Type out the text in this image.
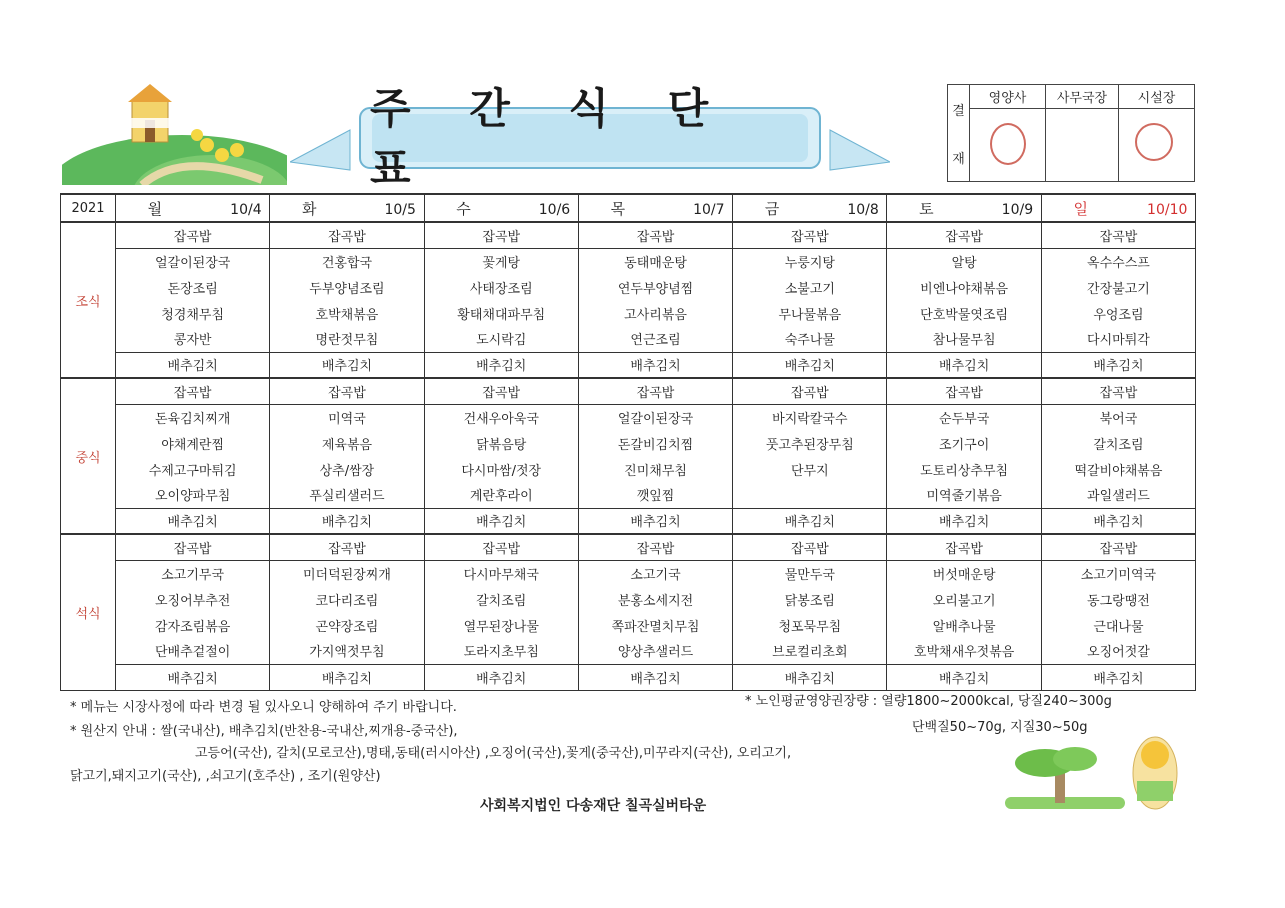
주 간 식 단 표
결
재
영양사	사무국장	시설장
2021	월 10/4	화 10/5	수 10/6	목 10/7	금 10/8	토 10/9	일 10/10
조식	잡곡밥	잡곡밥	잡곡밥	잡곡밥	잡곡밥	잡곡밥	잡곡밥
	얼갈이된장국	건홍합국	꽃게탕	동태매운탕	누룽지탕	알탕	옥수수스프
	돈장조림	두부양념조림	사태장조림	연두부양념찜	소불고기	비엔나야채볶음	간장불고기
	청경채무침	호박채볶음	황태채대파무침	고사리볶음	무나물볶음	단호박물엿조림	우엉조림
	콩자반	명란젓무침	도시락김	연근조림	숙주나물	참나물무침	다시마튀각
	배추김치	배추김치	배추김치	배추김치	배추김치	배추김치	배추김치
중식	잡곡밥	잡곡밥	잡곡밥	잡곡밥	잡곡밥	잡곡밥	잡곡밥
	돈육김치찌개	미역국	건새우아욱국	얼갈이된장국	바지락칼국수	순두부국	북어국
	야채계란찜	제육볶음	닭볶음탕	돈갈비김치찜	풋고추된장무침	조기구이	갈치조림
	수제고구마튀김	상추/쌈장	다시마쌈/젓장	진미채무침	단무지	도토리상추무침	떡갈비야채볶음
	오이양파무침	푸실리샐러드	계란후라이	깻잎찜		미역줄기볶음	과일샐러드
	배추김치	배추김치	배추김치	배추김치	배추김치	배추김치	배추김치
석식	잡곡밥	잡곡밥	잡곡밥	잡곡밥	잡곡밥	잡곡밥	잡곡밥
	소고기무국	미더덕된장찌개	다시마무채국	소고기국	물만두국	버섯매운탕	소고기미역국
	오징어부추전	코다리조림	갈치조림	분홍소세지전	닭봉조림	오리불고기	동그랑땡전
	감자조림볶음	곤약장조림	열무된장나물	쪽파잔멸치무침	청포묵무침	알배추나물	근대나물
	단배추겉절이	가지액젓무침	도라지초무침	양상추샐러드	브로컬리초회	호박채새우젓볶음	오징어젓갈
	배추김치	배추김치	배추김치	배추김치	배추김치	배추김치	배추김치
* 메뉴는 시장사정에 따라 변경 될 있사오니 양해하여 주기 바랍니다.
* 원산지 안내 : 쌀(국내산), 배추김치(반찬용-국내산,찌개용-중국산),
고등어(국산), 갈치(모로코산),명태,동태(러시아산) ,오징어(국산),꽃게(중국산),미꾸라지(국산), 오리고기,
닭고기,돼지고기(국산), ,쇠고기(호주산) , 조기(원양산)
* 노인평균영양권장량 : 열량1800~2000kcal, 당질240~300g
단백질50~70g, 지질30~50g
사회복지법인 다송재단 칠곡실버타운
